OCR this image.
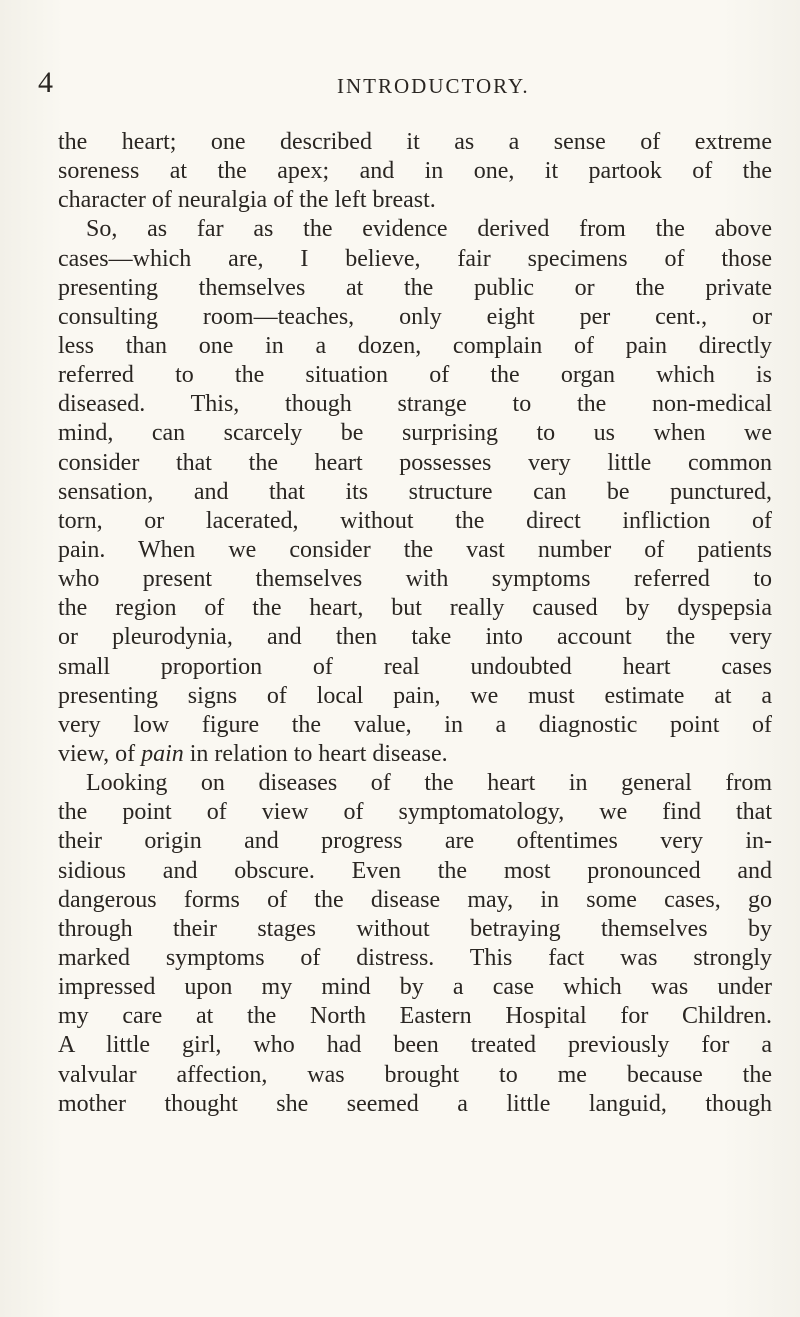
4	INTRODUCTORY.
the heart; one described it as a sense of extreme
soreness at the apex; and in one, it partook of the
character of neuralgia of the left breast.
So, as far as the evidence derived from the above
cases—which are, I believe, fair specimens of those
presenting themselves at the public or the private
consulting room—teaches, only eight per cent., or
less than one in a dozen, complain of pain directly
referred to the situation of the organ which is
diseased. This, though strange to the non-medical
mind, can scarcely be surprising to us when we
consider that the heart possesses very little common
sensation, and that its structure can be punctured,
torn, or lacerated, without the direct infliction of
pain. When we consider the vast number of patients
who present themselves with symptoms referred to
the region of the heart, but really caused by dyspepsia
or pleurodynia, and then take into account the very
small proportion of real undoubted heart cases
presenting signs of local pain, we must estimate at a
very low figure the value, in a diagnostic point of
view, of pain in relation to heart disease.
Looking on diseases of the heart in general from
the point of view of symptomatology, we find that
their origin and progress are oftentimes very in-
sidious and obscure. Even the most pronounced and
dangerous forms of the disease may, in some cases, go
through their stages without betraying themselves by
marked symptoms of distress. This fact was strongly
impressed upon my mind by a case which was under
my care at the North Eastern Hospital for Children.
A little girl, who had been treated previously for a
valvular affection, was brought to me because the
mother thought she seemed a little languid, though
